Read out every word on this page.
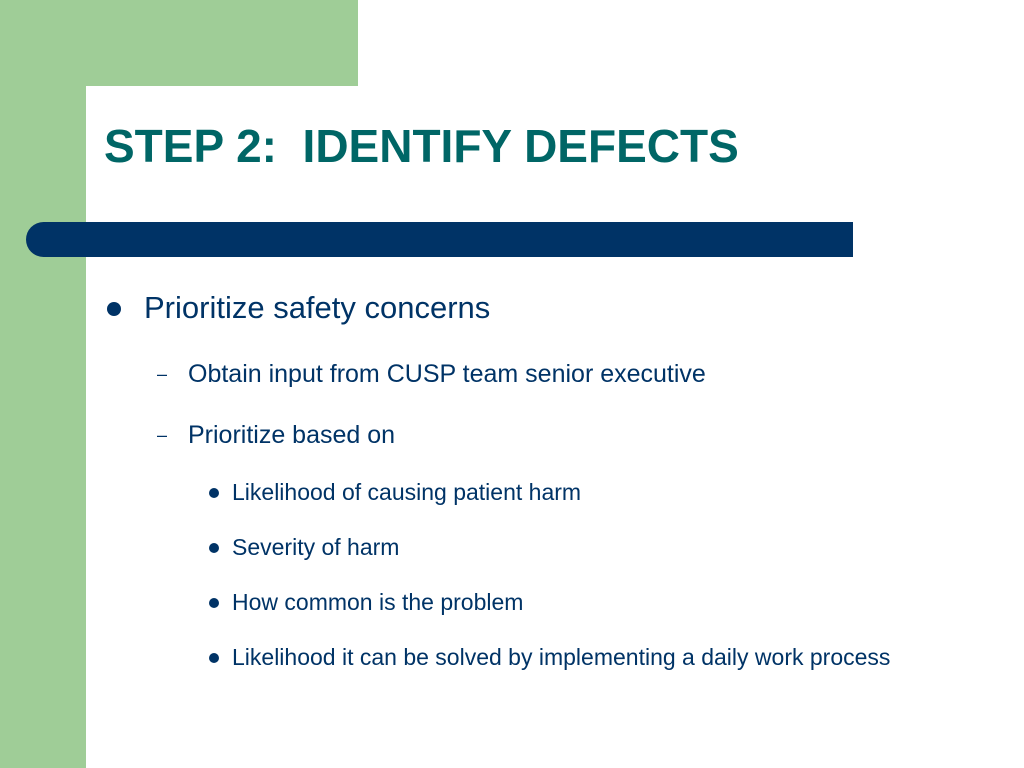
STEP 2:  IDENTIFY DEFECTS
Prioritize safety concerns
– Obtain input from CUSP team senior executive
– Prioritize based on
Likelihood of causing patient harm
Severity of harm
How common is the problem
Likelihood it can be solved by implementing a daily work process
